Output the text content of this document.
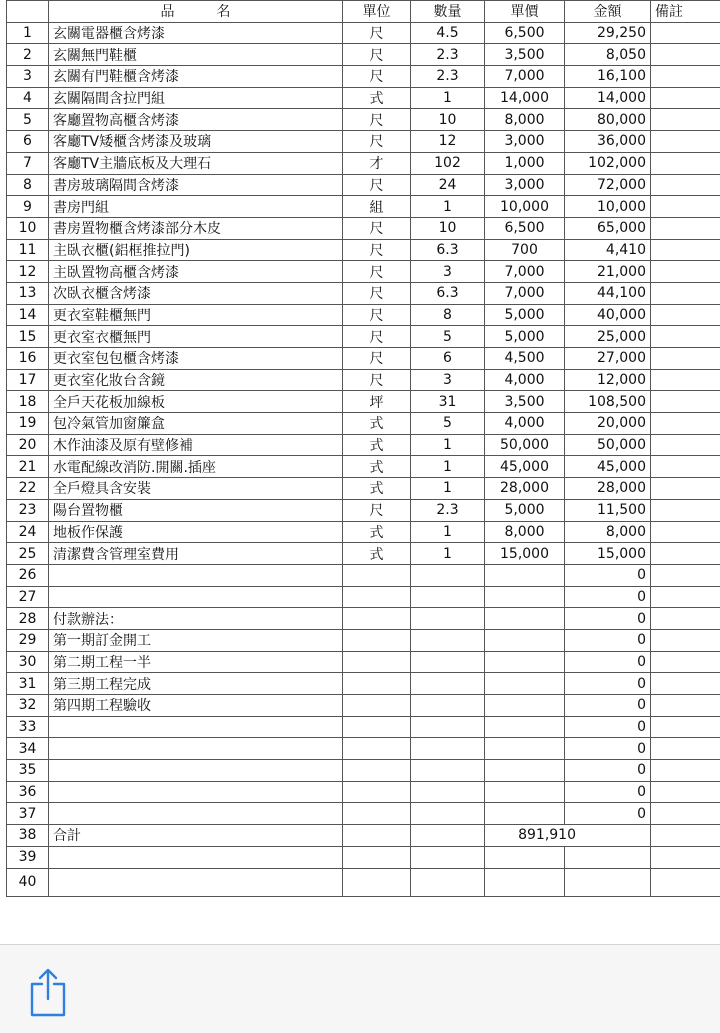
	品　　　名	單位	數量	單價	金額	備註
1	玄關電器櫃含烤漆	尺	4.5	6,500	29,250	
2	玄關無門鞋櫃	尺	2.3	3,500	8,050	
3	玄關有門鞋櫃含烤漆	尺	2.3	7,000	16,100	
4	玄關隔間含拉門組	式	1	14,000	14,000	
5	客廳置物高櫃含烤漆	尺	10	8,000	80,000	
6	客廳TV矮櫃含烤漆及玻璃	尺	12	3,000	36,000	
7	客廳TV主牆底板及大理石	才	102	1,000	102,000	
8	書房玻璃隔間含烤漆	尺	24	3,000	72,000	
9	書房門組	組	1	10,000	10,000	
10	書房置物櫃含烤漆部分木皮	尺	10	6,500	65,000	
11	主臥衣櫃(鋁框推拉門)	尺	6.3	700	4,410	
12	主臥置物高櫃含烤漆	尺	3	7,000	21,000	
13	次臥衣櫃含烤漆	尺	6.3	7,000	44,100	
14	更衣室鞋櫃無門	尺	8	5,000	40,000	
15	更衣室衣櫃無門	尺	5	5,000	25,000	
16	更衣室包包櫃含烤漆	尺	6	4,500	27,000	
17	更衣室化妝台含鏡	尺	3	4,000	12,000	
18	全戶天花板加線板	坪	31	3,500	108,500	
19	包冷氣管加窗簾盒	式	5	4,000	20,000	
20	木作油漆及原有壁修補	式	1	50,000	50,000	
21	水電配線改消防.開關.插座	式	1	45,000	45,000	
22	全戶燈具含安裝	式	1	28,000	28,000	
23	陽台置物櫃	尺	2.3	5,000	11,500	
24	地板作保護	式	1	8,000	8,000	
25	清潔費含管理室費用	式	1	15,000	15,000	
26					0	
27					0	
28	付款辦法：				0	
29	第一期訂金開工				0	
30	第二期工程一半				0	
31	第三期工程完成				0	
32	第四期工程驗收				0	
33					0	
34					0	
35					0	
36					0	
37					0	
38	合計			891,910		
39						
40						
